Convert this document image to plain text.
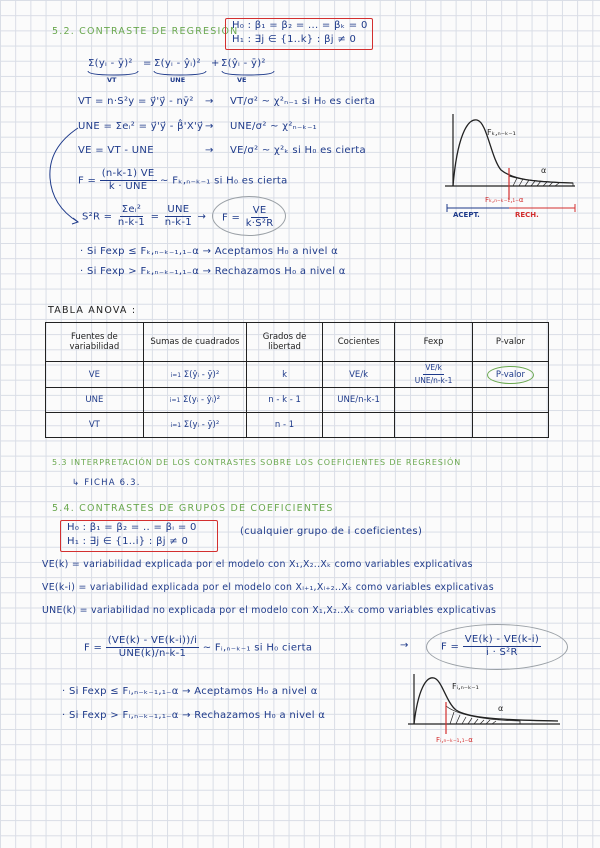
5.2. CONTRASTE DE REGRESIÓN
H₀ : β₁ = β₂ = ... = βₖ = 0
H₁ : ∃j ∈ {1..k} : βj ≠ 0
Σ(yᵢ - ȳ)²
VT
= Σ(yᵢ - ŷᵢ)²
UNE
+ Σ(ŷᵢ - ȳ)²
VE
VT = n·S²y = y⃗'y⃗ - nȳ² → VT/σ² ~ χ²ₙ₋₁ si H₀ es cierta
UNE = Σeᵢ² = y⃗'y⃗ - β̂'X'y⃗ → UNE/σ² ~ χ²ₙ₋ₖ₋₁
VE = VT - UNE	→ VE/σ² ~ χ²ₖ si H₀ es cierta
$F = \frac{(n-k-1) VE}{\text{k · UNE}}$ ~ Fₖ,ₙ₋ₖ₋₁ si H₀ es cierta
$S^2R = \frac{\text{Σeᵢ²}}{n-k-1} = \frac{\text{UNE}}{n-k-1} \to F = \frac{VE}{\text{k·S²R}}$
· Si Fexp ≤ Fₖ,ₙ₋ₖ₋₁,₁₋α → Aceptamos H₀ a nivel α
· Si Fexp > Fₖ,ₙ₋ₖ₋₁,₁₋α → Rechazamos H₀ a nivel α
Fₖ,ₙ₋ₖ₋₁
α
Fₖ,ₙ₋ₖ₋₁,₁₋α
ACEPT.	RECH.
TABLA ANOVA :
Fuentes de variabilidad	Sumas de cuadrados	Grados de libertad	Cocientes	Fexp	P-valor
VE	i=1 Σ(ŷᵢ - ȳ)²	k	VE/k	$\frac{VE/k}{\text{UNE/n-k-1}}$	P-valor
UNE	i=1 Σ(yᵢ - ŷᵢ)²	n - k - 1	UNE/n-k-1		
VT	i=1 Σ(yᵢ - ȳ)²	n - 1			
5.3 INTERPRETACIÓN DE LOS CONTRASTES SOBRE LOS COEFICIENTES DE REGRESIÓN
↳ FICHA 6.3.
5.4. CONTRASTES DE GRUPOS DE COEFICIENTES
H₀ : β₁ = β₂ = .. = βᵢ = 0
H₁ : ∃j ∈ {1..i} : βj ≠ 0
(cualquier grupo de i coeficientes)
VE(k) = variabilidad explicada por el modelo con X₁,X₂..Xₖ como variables explicativas
VE(k-i) = variabilidad explicada por el modelo con Xᵢ₊₁,Xᵢ₊₂..Xₖ como variables explicativas
UNE(k) = variabilidad no explicada por el modelo con X₁,X₂..Xₖ como variables explicativas
$F = \frac{(VE(k) - VE(k-i))/i}{\text{UNE(k)/n-k-1}}$ ~ Fᵢ,ₙ₋ₖ₋₁ si H₀ cierta	→	$F = \frac{VE(k) - VE(k-i)}{\text{i · S²R}}$
· Si Fexp ≤ Fᵢ,ₙ₋ₖ₋₁,₁₋α → Aceptamos H₀ a nivel α
· Si Fexp > Fᵢ,ₙ₋ₖ₋₁,₁₋α → Rechazamos H₀ a nivel α
Fᵢ,ₙ₋ₖ₋₁
α
Fᵢ,ₙ₋ₖ₋₁,₁₋α
